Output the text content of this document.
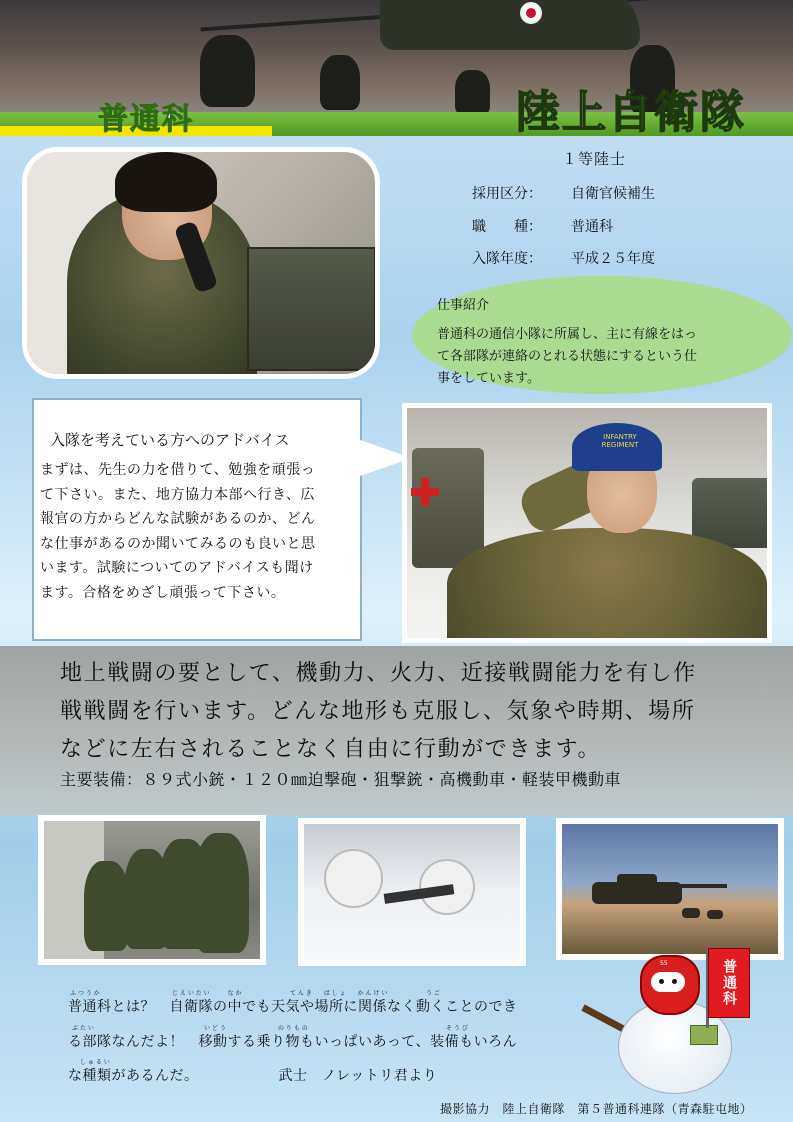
普通科	陸上自衛隊
１等陸士
採用区分： 自衛官候補生
職　　種： 普通科
入隊年度： 平成２５年度
仕事紹介
普通科の通信小隊に所属し、主に有線をはっ
て各部隊が連絡のとれる状態にするという仕
事をしています。
入隊を考えている方へのアドバイス
まずは、先生の力を借りて、勉強を頑張っ
て下さい。また、地方協力本部へ行き、広
報官の方からどんな試験があるのか、どん
な仕事があるのか聞いてみるのも良いと思
います。試験についてのアドバイスも聞け
ます。合格をめざし頑張って下さい。
INFANTRY REGIMENT
地上戦闘の要として、機動力、火力、近接戦闘能力を有し作
戦戦闘を行います。どんな地形も克服し、気象や時期、場所
などに左右されることなく自由に行動ができます。
主要装備：８９式小銃・１２０㎜迫撃砲・狙撃銃・高機動車・軽装甲機動車
ふ つ う か	じ え い た い　　　な か	て ん き　　ば し ょ　　か ん け い	う ご
普通科とは？　自衛隊の中でも天気や場所に関係なく動くことのでき
ぶ た い	い ど う	の り も の	そ う び
る部隊なんだよ！　移動する乗り物もいっぱいあって、装備もいろん
し ゅ る い
な種類があるんだ。　　　　　　武士　ノレットリ君より
55	普通科
撮影協力　陸上自衛隊　第５普通科連隊（青森駐屯地）
